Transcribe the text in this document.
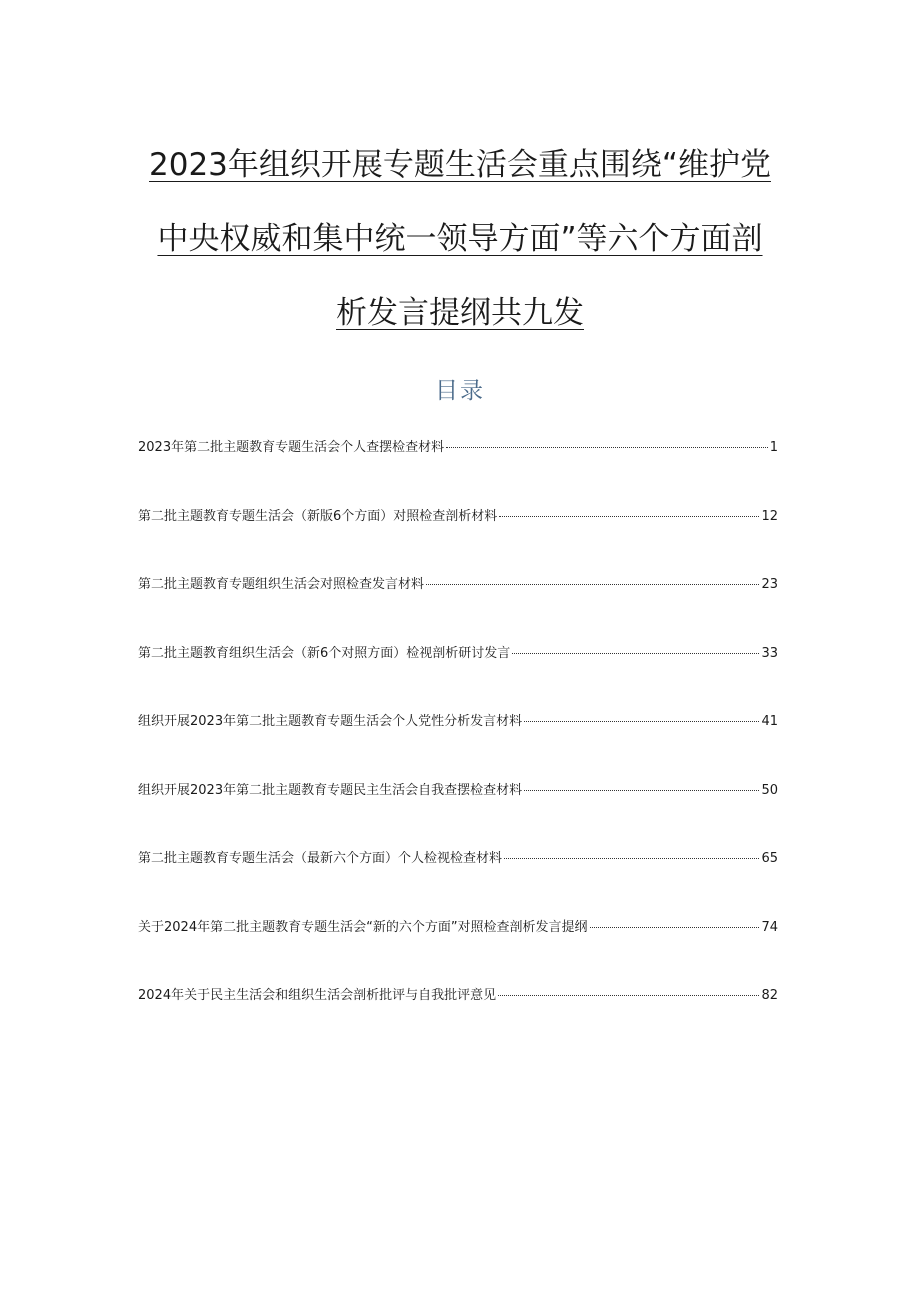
2023年组织开展专题生活会重点围绕“维护党
中央权威和集中统一领导方面”等六个方面剖
析发言提纲共九发
目录
2023年第二批主题教育专题生活会个人查摆检查材料	1
第二批主题教育专题生活会（新版6个方面）对照检查剖析材料	12
第二批主题教育专题组织生活会对照检查发言材料	23
第二批主题教育组织生活会（新6个对照方面）检视剖析研讨发言	33
组织开展2023年第二批主题教育专题生活会个人党性分析发言材料	41
组织开展2023年第二批主题教育专题民主生活会自我查摆检查材料	50
第二批主题教育专题生活会（最新六个方面）个人检视检查材料	65
关于2024年第二批主题教育专题生活会“新的六个方面”对照检查剖析发言提纲	74
2024年关于民主生活会和组织生活会剖析批评与自我批评意见	82
